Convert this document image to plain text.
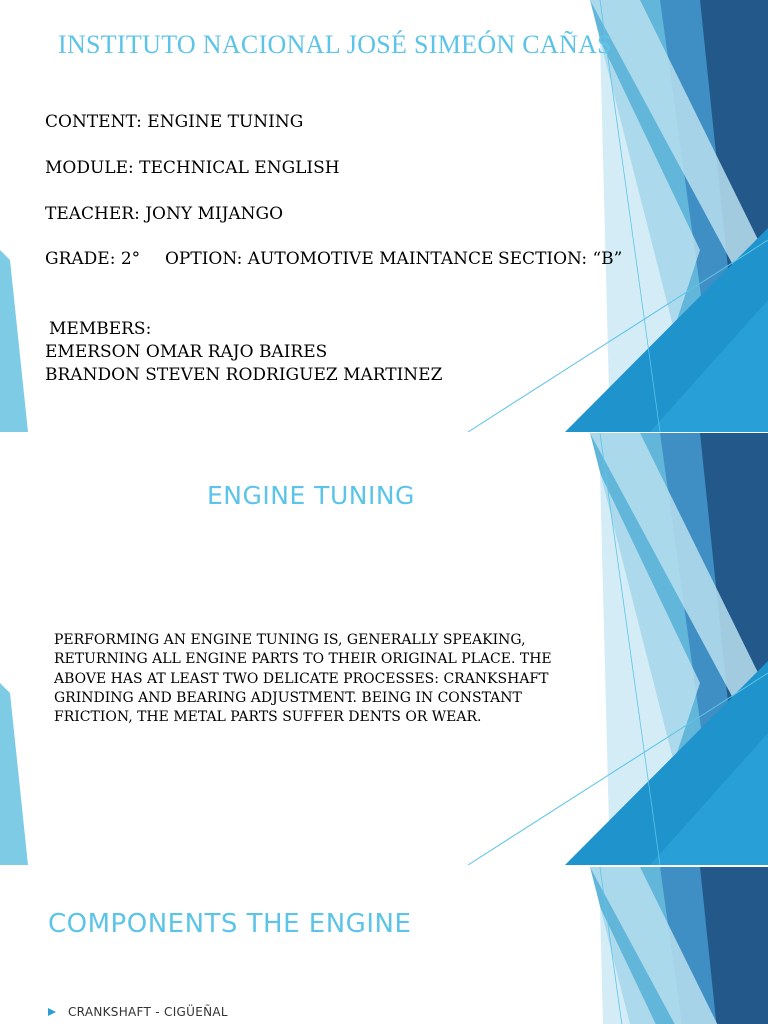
INSTITUTO NACIONAL JOSÉ SIMEÓN CAÑAS
CONTENT: ENGINE TUNING
MODULE: TECHNICAL ENGLISH
TEACHER: JONY MIJANGO
GRADE: 2° OPTION: AUTOMOTIVE MAINTANCE SECTION: “B”
MEMBERS:
EMERSON OMAR RAJO BAIRES
BRANDON STEVEN RODRIGUEZ MARTINEZ
ENGINE TUNING
PERFORMING AN ENGINE TUNING IS, GENERALLY SPEAKING, RETURNING ALL ENGINE PARTS TO THEIR ORIGINAL PLACE. THE ABOVE HAS AT LEAST TWO DELICATE PROCESSES: CRANKSHAFT GRINDING AND BEARING ADJUSTMENT. BEING IN CONSTANT FRICTION, THE METAL PARTS SUFFER DENTS OR WEAR.
COMPONENTS THE ENGINE
CRANKSHAFT - CIGÜEÑAL
